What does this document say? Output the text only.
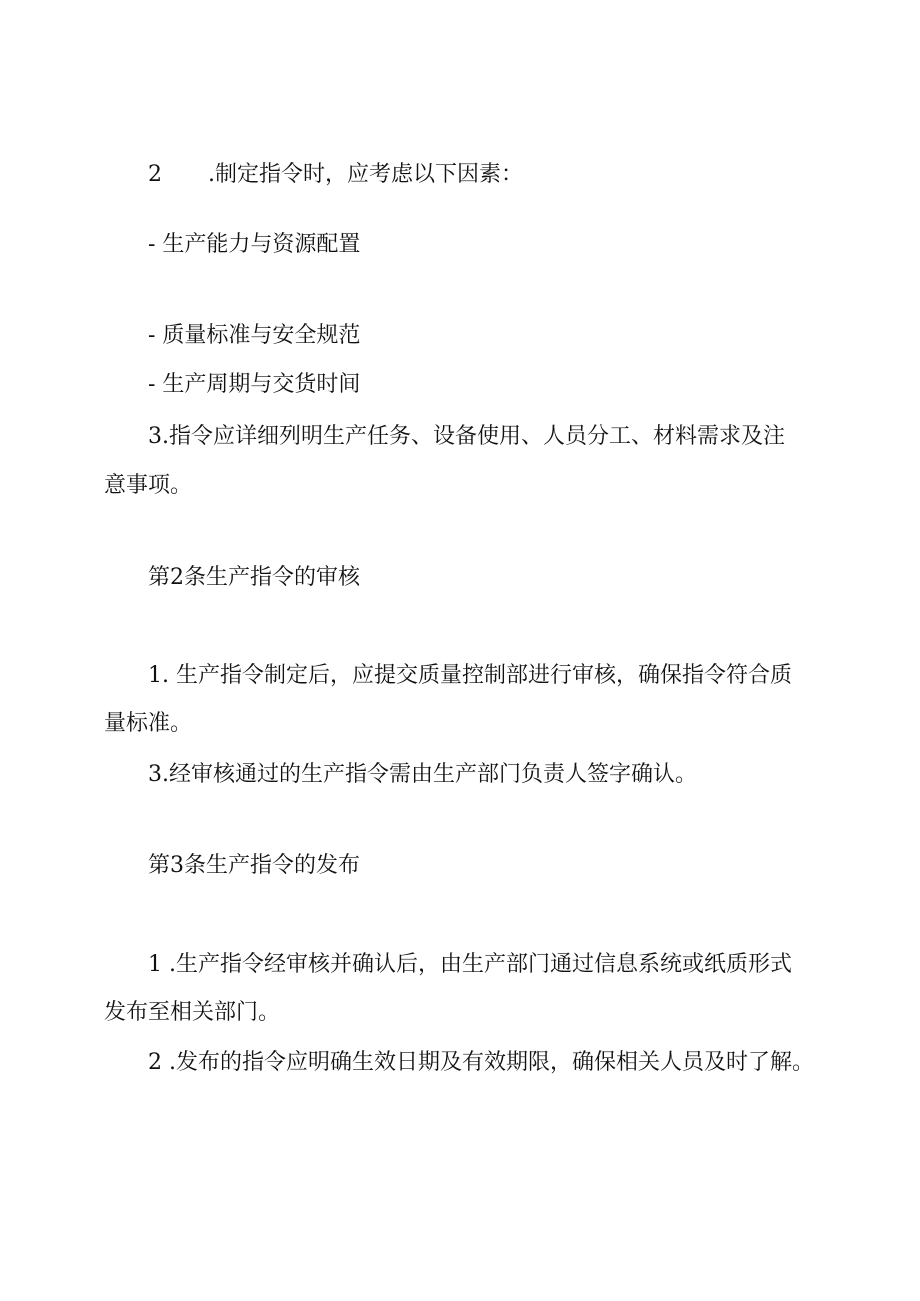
2 .制定指令时，应考虑以下因素：
- 生产能力与资源配置
- 质量标准与安全规范
- 生产周期与交货时间
3.指令应详细列明生产任务、设备使用、人员分工、材料需求及注
意事项。
第2条生产指令的审核
1. 生产指令制定后，应提交质量控制部进行审核，确保指令符合质
量标准。
3.经审核通过的生产指令需由生产部门负责人签字确认。
第3条生产指令的发布
1 .生产指令经审核并确认后，由生产部门通过信息系统或纸质形式
发布至相关部门。
2 .发布的指令应明确生效日期及有效期限，确保相关人员及时了解。
